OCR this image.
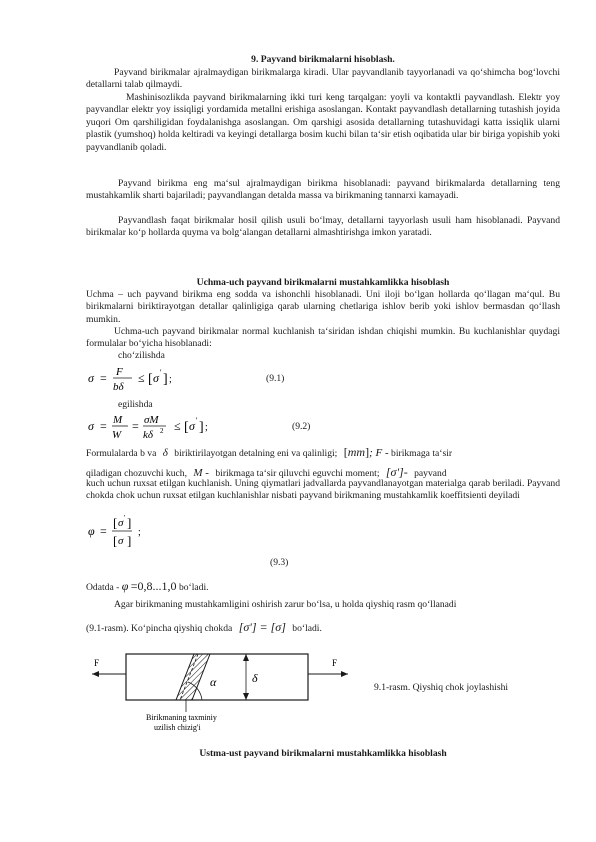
9. Payvand birikmalarni hisoblash.
Payvand birikmalar ajralmaydigan birikmalarga kiradi. Ular payvandlanib tayyorlanadi va qo‘shimcha bog‘lovchi detallarni talab qilmaydi.
Mashinisozlikda payvand birikmalarning ikki turi keng tarqalgan: yoyli va kontaktli payvandlash. Elektr yoy payvandlar elektr yoy issiqligi yordamida metallni erishiga asoslangan. Kontakt payvandlash detallarning tutashish joyida yuqori Om qarshiligidan foydalanishga asoslangan. Om qarshigi asosida detallarning tutashuvidagi katta issiqlik ularni plastik (yumshoq) holda keltiradi va keyingi detallarga bosim kuchi bilan ta‘sir etish oqibatida ular bir biriga yopishib yoki payvandlanib qoladi.
Payvand birikma eng ma‘sul ajralmaydigan birikma hisoblanadi: payvand birikmalarda detallarning teng mustahkamlik sharti bajariladi; payvandlangan detalda massa va birikmaning tannarxi kamayadi.
Payvandlash faqat birikmalar hosil qilish usuli bo‘lmay, detallarni tayyorlash usuli ham hisoblanadi. Payvand birikmalar ko‘p hollarda quyma va bolg‘alangan detallarni almashtirishga imkon yaratadi.
Uchma-uch payvand birikmalarni mustahkamlikka hisoblash
Uchma – uch payvand birikma eng sodda va ishonchli hisoblanadi. Uni iloji bo‘lgan hollarda qo‘llagan ma‘qul. Bu birikmalarni biriktirayotgan detallar qalinligiga qarab ularning chetlariga ishlov berib yoki ishlov bermasdan qo‘llash mumkin.
Uchma-uch payvand birikmalar normal kuchlanish ta‘siridan ishdan chiqishi mumkin. Bu kuchlanishlar quydagi formulalar bo‘yicha hisoblanadi:
cho‘zilishda
σ = F
bδ
≤ [ σ ' ] ;	(9.1)
egilishda
σ = M
W
= σM
kδ 2 ≤ [ σ ' ] ;	(9.2)
Formulalarda b va δ biriktirilayotgan detalning eni va qalinligi; [mm]; F - birikmaga ta‘sir
qiladigan chozuvchi kuch, M - birikmaga ta‘sir qiluvchi eguvchi moment; [σ']- payvand
kuch uchun ruxsat etilgan kuchlanish. Uning qiymatlari jadvallarda payvandlanayotgan materialga qarab beriladi. Payvand chokda chok uchun ruxsat etilgan kuchlanishlar nisbati payvand birikmaning mustahkamlik koeffitsienti deyiladi
φ =
[ σ ' ]
[ σ ]
;
(9.3)
Odatda - φ =0,8...1,0 bo‘ladi.
Agar birikmaning mustahkamligini oshirish zarur bo‘lsa, u holda qiyshiq rasm qo‘llanadi
(9.1-rasm). Ko‘pincha qiyshiq chokda [σ'] = [σ] bo‘ladi.
F	F
α	δ
Birikmaning taxminiy
uzilish chizig'i
9.1-rasm. Qiyshiq chok joylashishi
Ustma-ust payvand birikmalarni mustahkamlikka hisoblash
